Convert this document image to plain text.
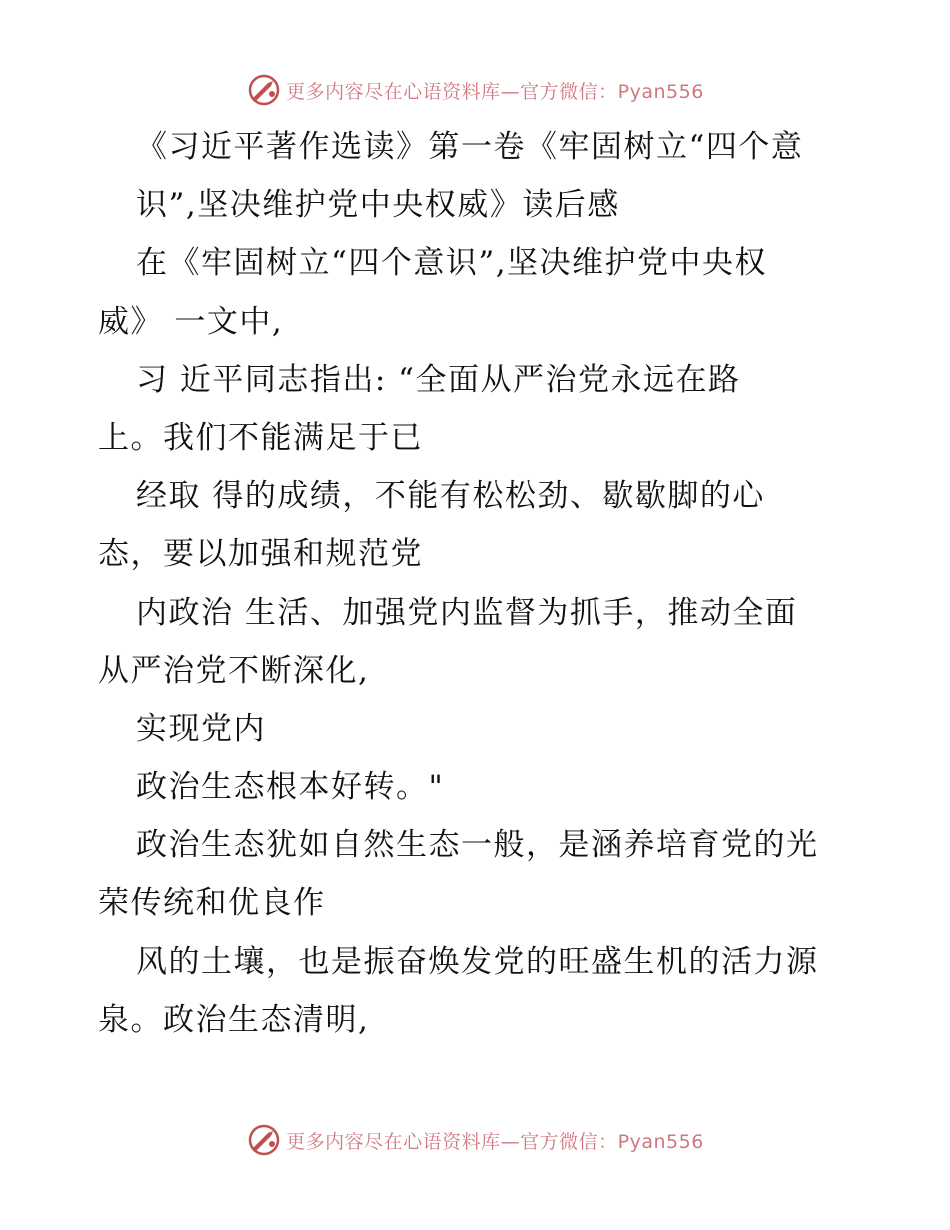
更多内容尽在心语资料库—官方微信：Pyan556
《习近平著作选读》第一卷《牢固树立“四个意
识”,坚决维护党中央权威》读后感
在《牢固树立“四个意识”,坚决维护党中央权
威》 一文中,
习 近平同志指出: “全面从严治党永远在路
上。我们不能满足于已
经取 得的成绩，不能有松松劲、歇歇脚的心
态，要以加强和规范党
内政治 生活、加强党内监督为抓手，推动全面
从严治党不断深化,
实现党内
政治生态根本好转。"
政治生态犹如自然生态一般，是涵养培育党的光
荣传统和优良作
风的土壤，也是振奋焕发党的旺盛生机的活力源
泉。政治生态清明,
更多内容尽在心语资料库—官方微信：Pyan556
